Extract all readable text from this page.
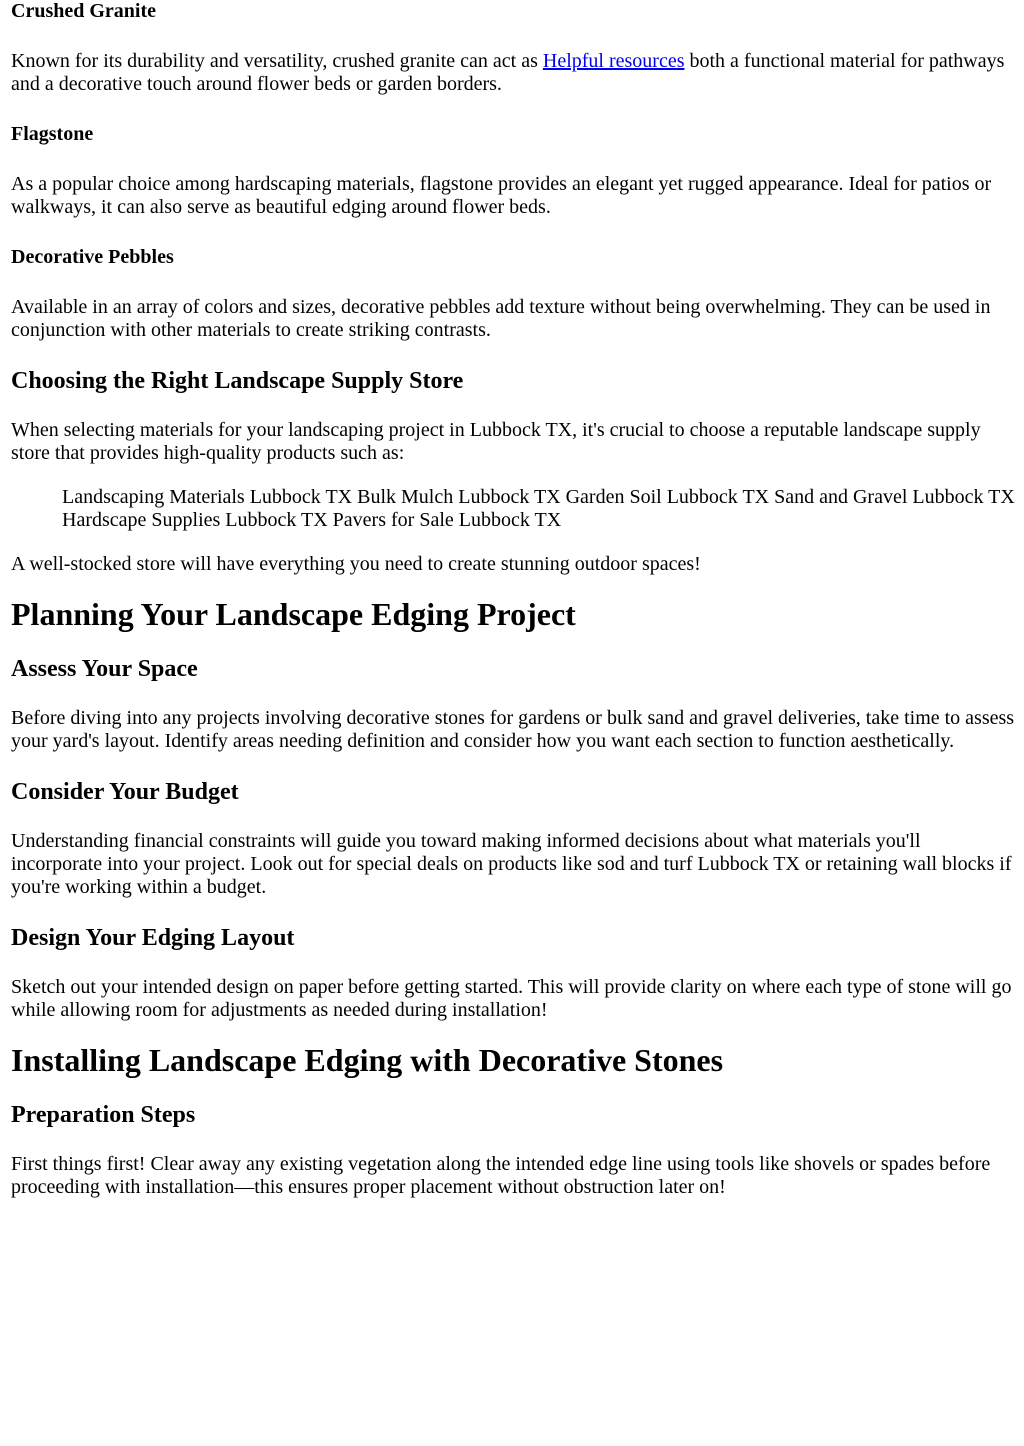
Crushed Granite

Known for its durability and versatility, crushed granite can act as Helpful resources both a functional material for pathways and a decorative touch around flower beds or garden borders.

Flagstone

As a popular choice among hardscaping materials, flagstone provides an elegant yet rugged appearance. Ideal for patios or walkways, it can also serve as beautiful edging around flower beds.

Decorative Pebbles

Available in an array of colors and sizes, decorative pebbles add texture without being overwhelming. They can be used in conjunction with other materials to create striking contrasts.

Choosing the Right Landscape Supply Store

When selecting materials for your landscaping project in Lubbock TX, it's crucial to choose a reputable landscape supply store that provides high-quality products such as:

Landscaping Materials Lubbock TX Bulk Mulch Lubbock TX Garden Soil Lubbock TX Sand and Gravel Lubbock TX Hardscape Supplies Lubbock TX Pavers for Sale Lubbock TX

A well-stocked store will have everything you need to create stunning outdoor spaces!

Planning Your Landscape Edging Project
Assess Your Space

Before diving into any projects involving decorative stones for gardens or bulk sand and gravel deliveries, take time to assess your yard's layout. Identify areas needing definition and consider how you want each section to function aesthetically.

Consider Your Budget

Understanding financial constraints will guide you toward making informed decisions about what materials you'll incorporate into your project. Look out for special deals on products like sod and turf Lubbock TX or retaining wall blocks if you're working within a budget.

Design Your Edging Layout

Sketch out your intended design on paper before getting started. This will provide clarity on where each type of stone will go while allowing room for adjustments as needed during installation!

Installing Landscape Edging with Decorative Stones
Preparation Steps

First things first! Clear away any existing vegetation along the intended edge line using tools like shovels or spades before proceeding with installation—this ensures proper placement without obstruction later on!
